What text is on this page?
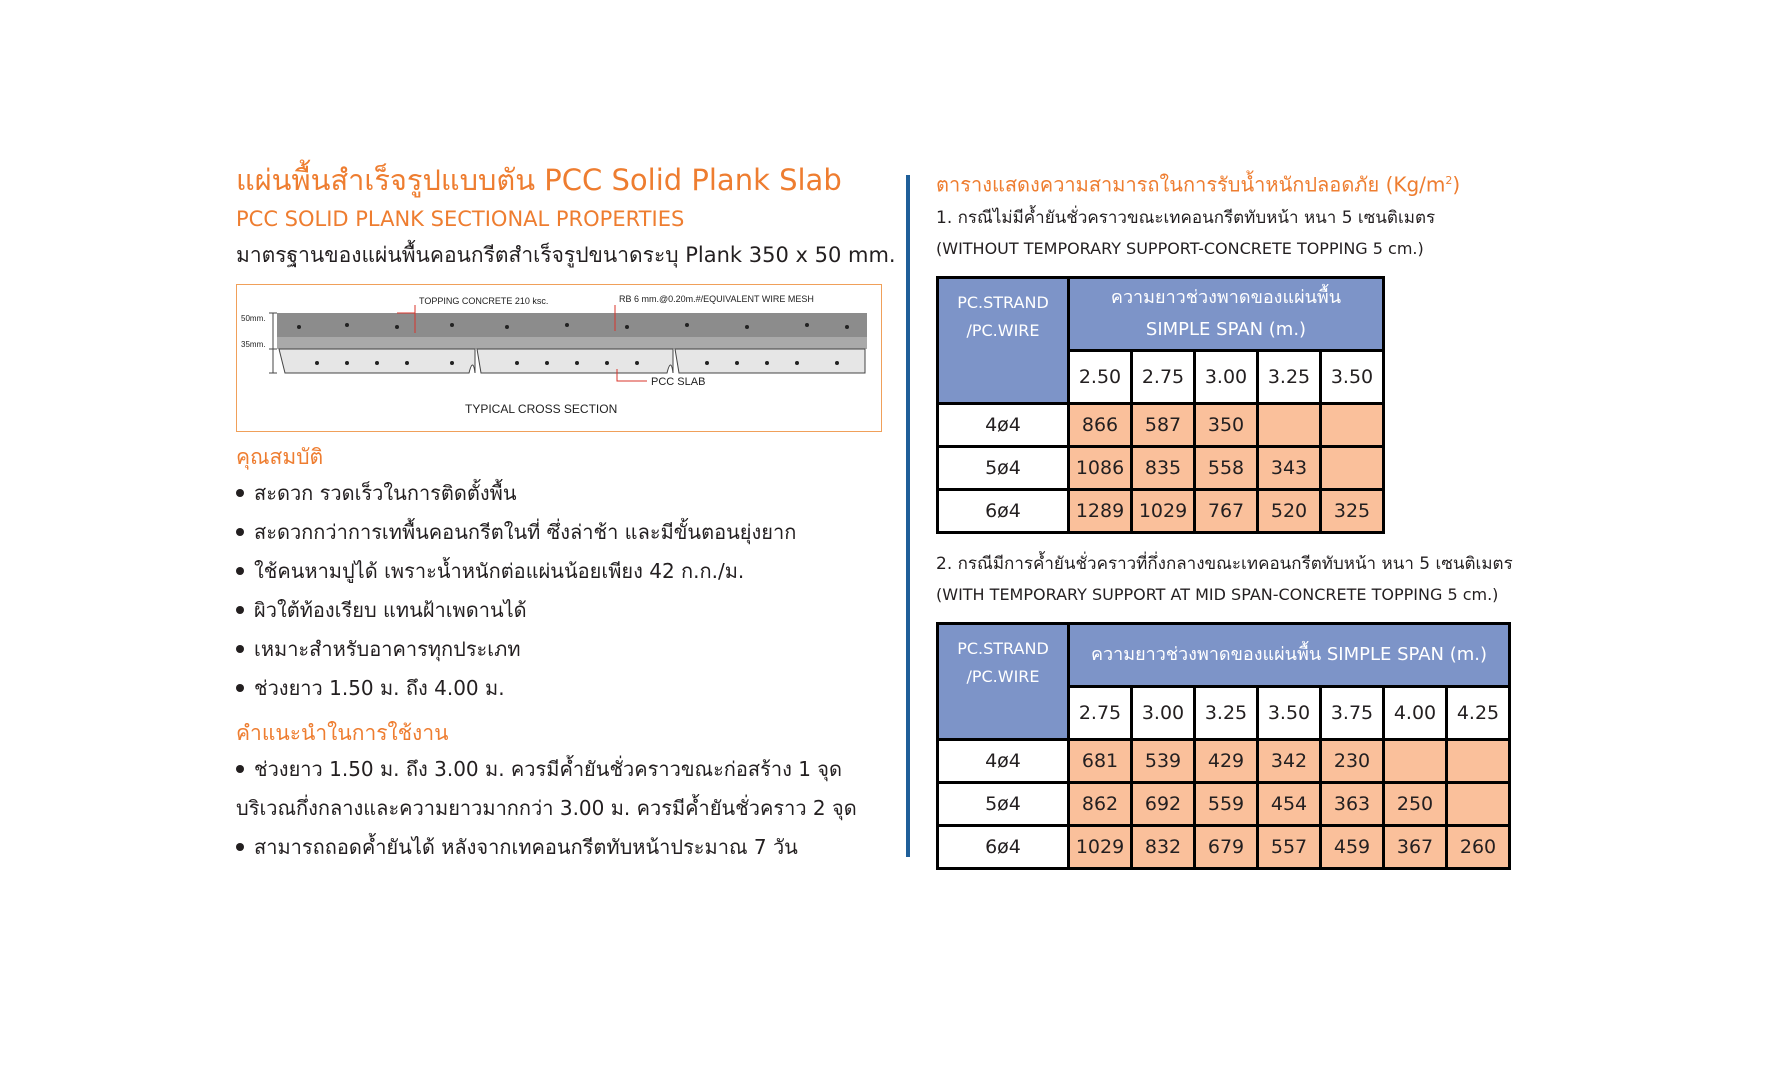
แผ่นพื้นสำเร็จรูปแบบตัน PCC Solid Plank Slab
PCC SOLID PLANK SECTIONAL PROPERTIES
มาตรฐานของแผ่นพื้นคอนกรีตสำเร็จรูปขนาดระบุ Plank 350 x 50 mm.
TOPPING CONCRETE 210 ksc.	RB 6 mm.@0.20m.#/EQUIVALENT WIRE MESH
50mm.
35mm.
PCC SLAB
TYPICAL CROSS SECTION
คุณสมบัติ
สะดวก รวดเร็วในการติดตั้งพื้น
สะดวกกว่าการเทพื้นคอนกรีตในที่ ซึ่งล่าช้า และมีขั้นตอนยุ่งยาก
ใช้คนหามปูได้ เพราะน้ำหนักต่อแผ่นน้อยเพียง 42 ก.ก./ม.
ผิวใต้ท้องเรียบ แทนฝ้าเพดานได้
เหมาะสำหรับอาคารทุกประเภท
ช่วงยาว 1.50 ม. ถึง 4.00 ม.
คำแนะนำในการใช้งาน
ช่วงยาว 1.50 ม. ถึง 3.00 ม. ควรมีค้ำยันชั่วคราวขณะก่อสร้าง 1 จุด
บริเวณกึ่งกลางและความยาวมากกว่า 3.00 ม. ควรมีค้ำยันชั่วคราว 2 จุด
สามารถถอดค้ำยันได้ หลังจากเทคอนกรีตทับหน้าประมาณ 7 วัน
ตารางแสดงความสามารถในการรับน้ำหนักปลอดภัย $(Kg/m^2)$
1. กรณีไม่มีค้ำยันชั่วคราวขณะเทคอนกรีตทับหน้า หนา 5 เซนติเมตร
(WITHOUT TEMPORARY SUPPORT-CONCRETE TOPPING 5 cm.)
PC.STRAND
/PC.WIRE	ความยาวช่วงพาดของแผ่นพื้น SIMPLE SPAN (m.)				
	2.50	2.75	3.00	3.25	3.50
4ø4	866	587	350		
5ø4	1086	835	558	343	
6ø4	1289	1029	767	520	325
2. กรณีมีการค้ำยันชั่วคราวที่กึ่งกลางขณะเทคอนกรีตทับหน้า หนา 5 เซนติเมตร
(WITH TEMPORARY SUPPORT AT MID SPAN-CONCRETE TOPPING 5 cm.)
PC.STRAND
/PC.WIRE	ความยาวช่วงพาดของแผ่นพื้น SIMPLE SPAN (m.)						
	2.75	3.00	3.25	3.50	3.75	4.00	4.25
4ø4	681	539	429	342	230		
5ø4	862	692	559	454	363	250	
6ø4	1029	832	679	557	459	367	260
